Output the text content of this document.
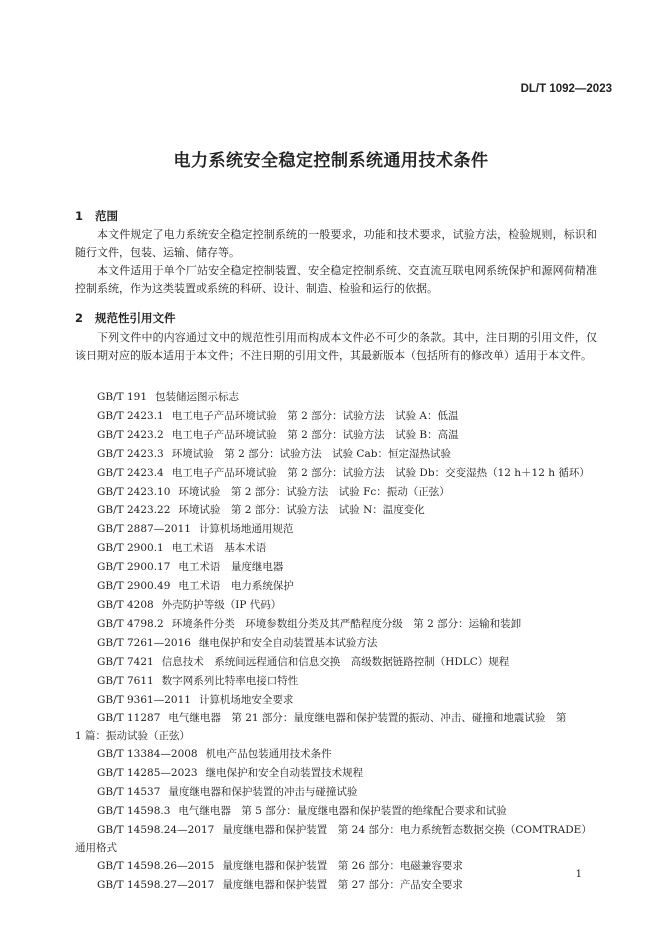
DL/T 1092—2023
电力系统安全稳定控制系统通用技术条件
1 范围

本文件规定了电力系统安全稳定控制系统的一般要求，功能和技术要求，试验方法，检验规则，标识和随行文件，包装、运输、储存等。

本文件适用于单个厂站安全稳定控制装置、安全稳定控制系统、交直流互联电网系统保护和源网荷精准控制系统，作为这类装置或系统的科研、设计、制造、检验和运行的依据。

2 规范性引用文件

下列文件中的内容通过文中的规范性引用而构成本文件必不可少的条款。其中，注日期的引用文件，仅该日期对应的版本适用于本文件；不注日期的引用文件，其最新版本（包括所有的修改单）适用于本文件。

GB/T 191 包装储运图示标志
GB/T 2423.1 电工电子产品环境试验　第 2 部分：试验方法　试验 A：低温
GB/T 2423.2 电工电子产品环境试验　第 2 部分：试验方法　试验 B：高温
GB/T 2423.3 环境试验　第 2 部分：试验方法　试验 Cab：恒定湿热试验
GB/T 2423.4 电工电子产品环境试验　第 2 部分：试验方法　试验 Db：交变湿热（12 h＋12 h 循环）
GB/T 2423.10 环境试验　第 2 部分：试验方法　试验 Fc：振动（正弦）
GB/T 2423.22 环境试验　第 2 部分：试验方法　试验 N：温度变化
GB/T 2887—2011 计算机场地通用规范
GB/T 2900.1 电工术语　基本术语
GB/T 2900.17 电工术语　量度继电器
GB/T 2900.49 电工术语　电力系统保护
GB/T 4208 外壳防护等级（IP 代码）
GB/T 4798.2 环境条件分类　环境参数组分类及其严酷程度分级　第 2 部分：运输和装卸
GB/T 7261—2016 继电保护和安全自动装置基本试验方法
GB/T 7421 信息技术　系统间远程通信和信息交换　高级数据链路控制（HDLC）规程
GB/T 7611 数字网系列比特率电接口特性
GB/T 9361—2011 计算机场地安全要求
GB/T 11287 电气继电器　第 21 部分：量度继电器和保护装置的振动、冲击、碰撞和地震试验　第
1 篇：振动试验（正弦）
GB/T 13384—2008 机电产品包装通用技术条件
GB/T 14285—2023 继电保护和安全自动装置技术规程
GB/T 14537 量度继电器和保护装置的冲击与碰撞试验
GB/T 14598.3 电气继电器　第 5 部分：量度继电器和保护装置的绝缘配合要求和试验
GB/T 14598.24—2017 量度继电器和保护装置　第 24 部分：电力系统暂态数据交换（COMTRADE）
通用格式
GB/T 14598.26—2015 量度继电器和保护装置　第 26 部分：电磁兼容要求
GB/T 14598.27—2017 量度继电器和保护装置　第 27 部分：产品安全要求
1
